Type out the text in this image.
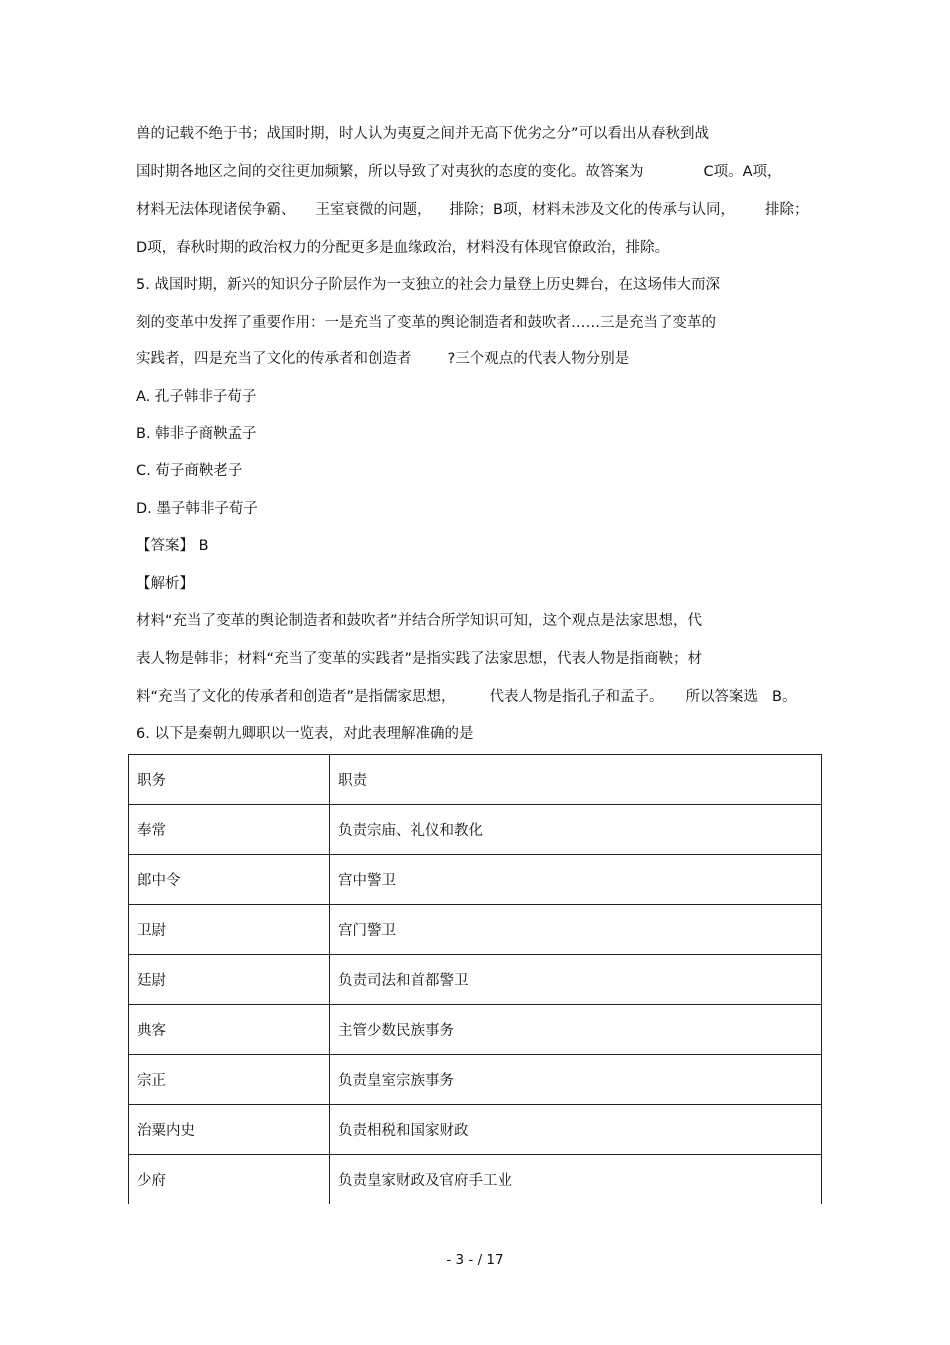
兽的记载不绝于书；战国时期，时人认为夷夏之间并无高下优劣之分”可以看出从春秋到战

国时期各地区之间的交往更加频繁，所以导致了对夷狄的态度的变化。故答案为	C项。A项，

材料无法体现诸侯争霸、 王室衰微的问题， 排除；B项，材料未涉及文化的传承与认同， 排除；

D项，春秋时期的政治权力的分配更多是血缘政治，材料没有体现官僚政治，排除。

5. 战国时期，新兴的知识分子阶层作为一支独立的社会力量登上历史舞台，在这场伟大而深

刻的变革中发挥了重要作用：一是充当了变革的舆论制造者和鼓吹者……三是充当了变革的

实践者，四是充当了文化的传承者和创造者 ?三个观点的代表人物分别是

A. 孔子韩非子荀子

B. 韩非子商鞅孟子

C. 荀子商鞅老子

D. 墨子韩非子荀子

【答案】 B

【解析】

材料“充当了变革的舆论制造者和鼓吹者”并结合所学知识可知，这个观点是法家思想，代

表人物是韩非；材料“充当了变革的实践者”是指实践了法家思想，代表人物是指商鞅；材

料“充当了文化的传承者和创造者”是指儒家思想， 代表人物是指孔子和孟子。 所以答案选 B。

6. 以下是秦朝九卿职以一览表，对此表理解准确的是

职务	职责
奉常	负责宗庙、礼仪和教化
郎中令	宫中警卫
卫尉	宫门警卫
廷尉	负责司法和首都警卫
典客	主管少数民族事务
宗正	负责皇室宗族事务
治粟内史	负责相税和国家财政
少府	负责皇家财政及官府手工业
- 3 - / 17
